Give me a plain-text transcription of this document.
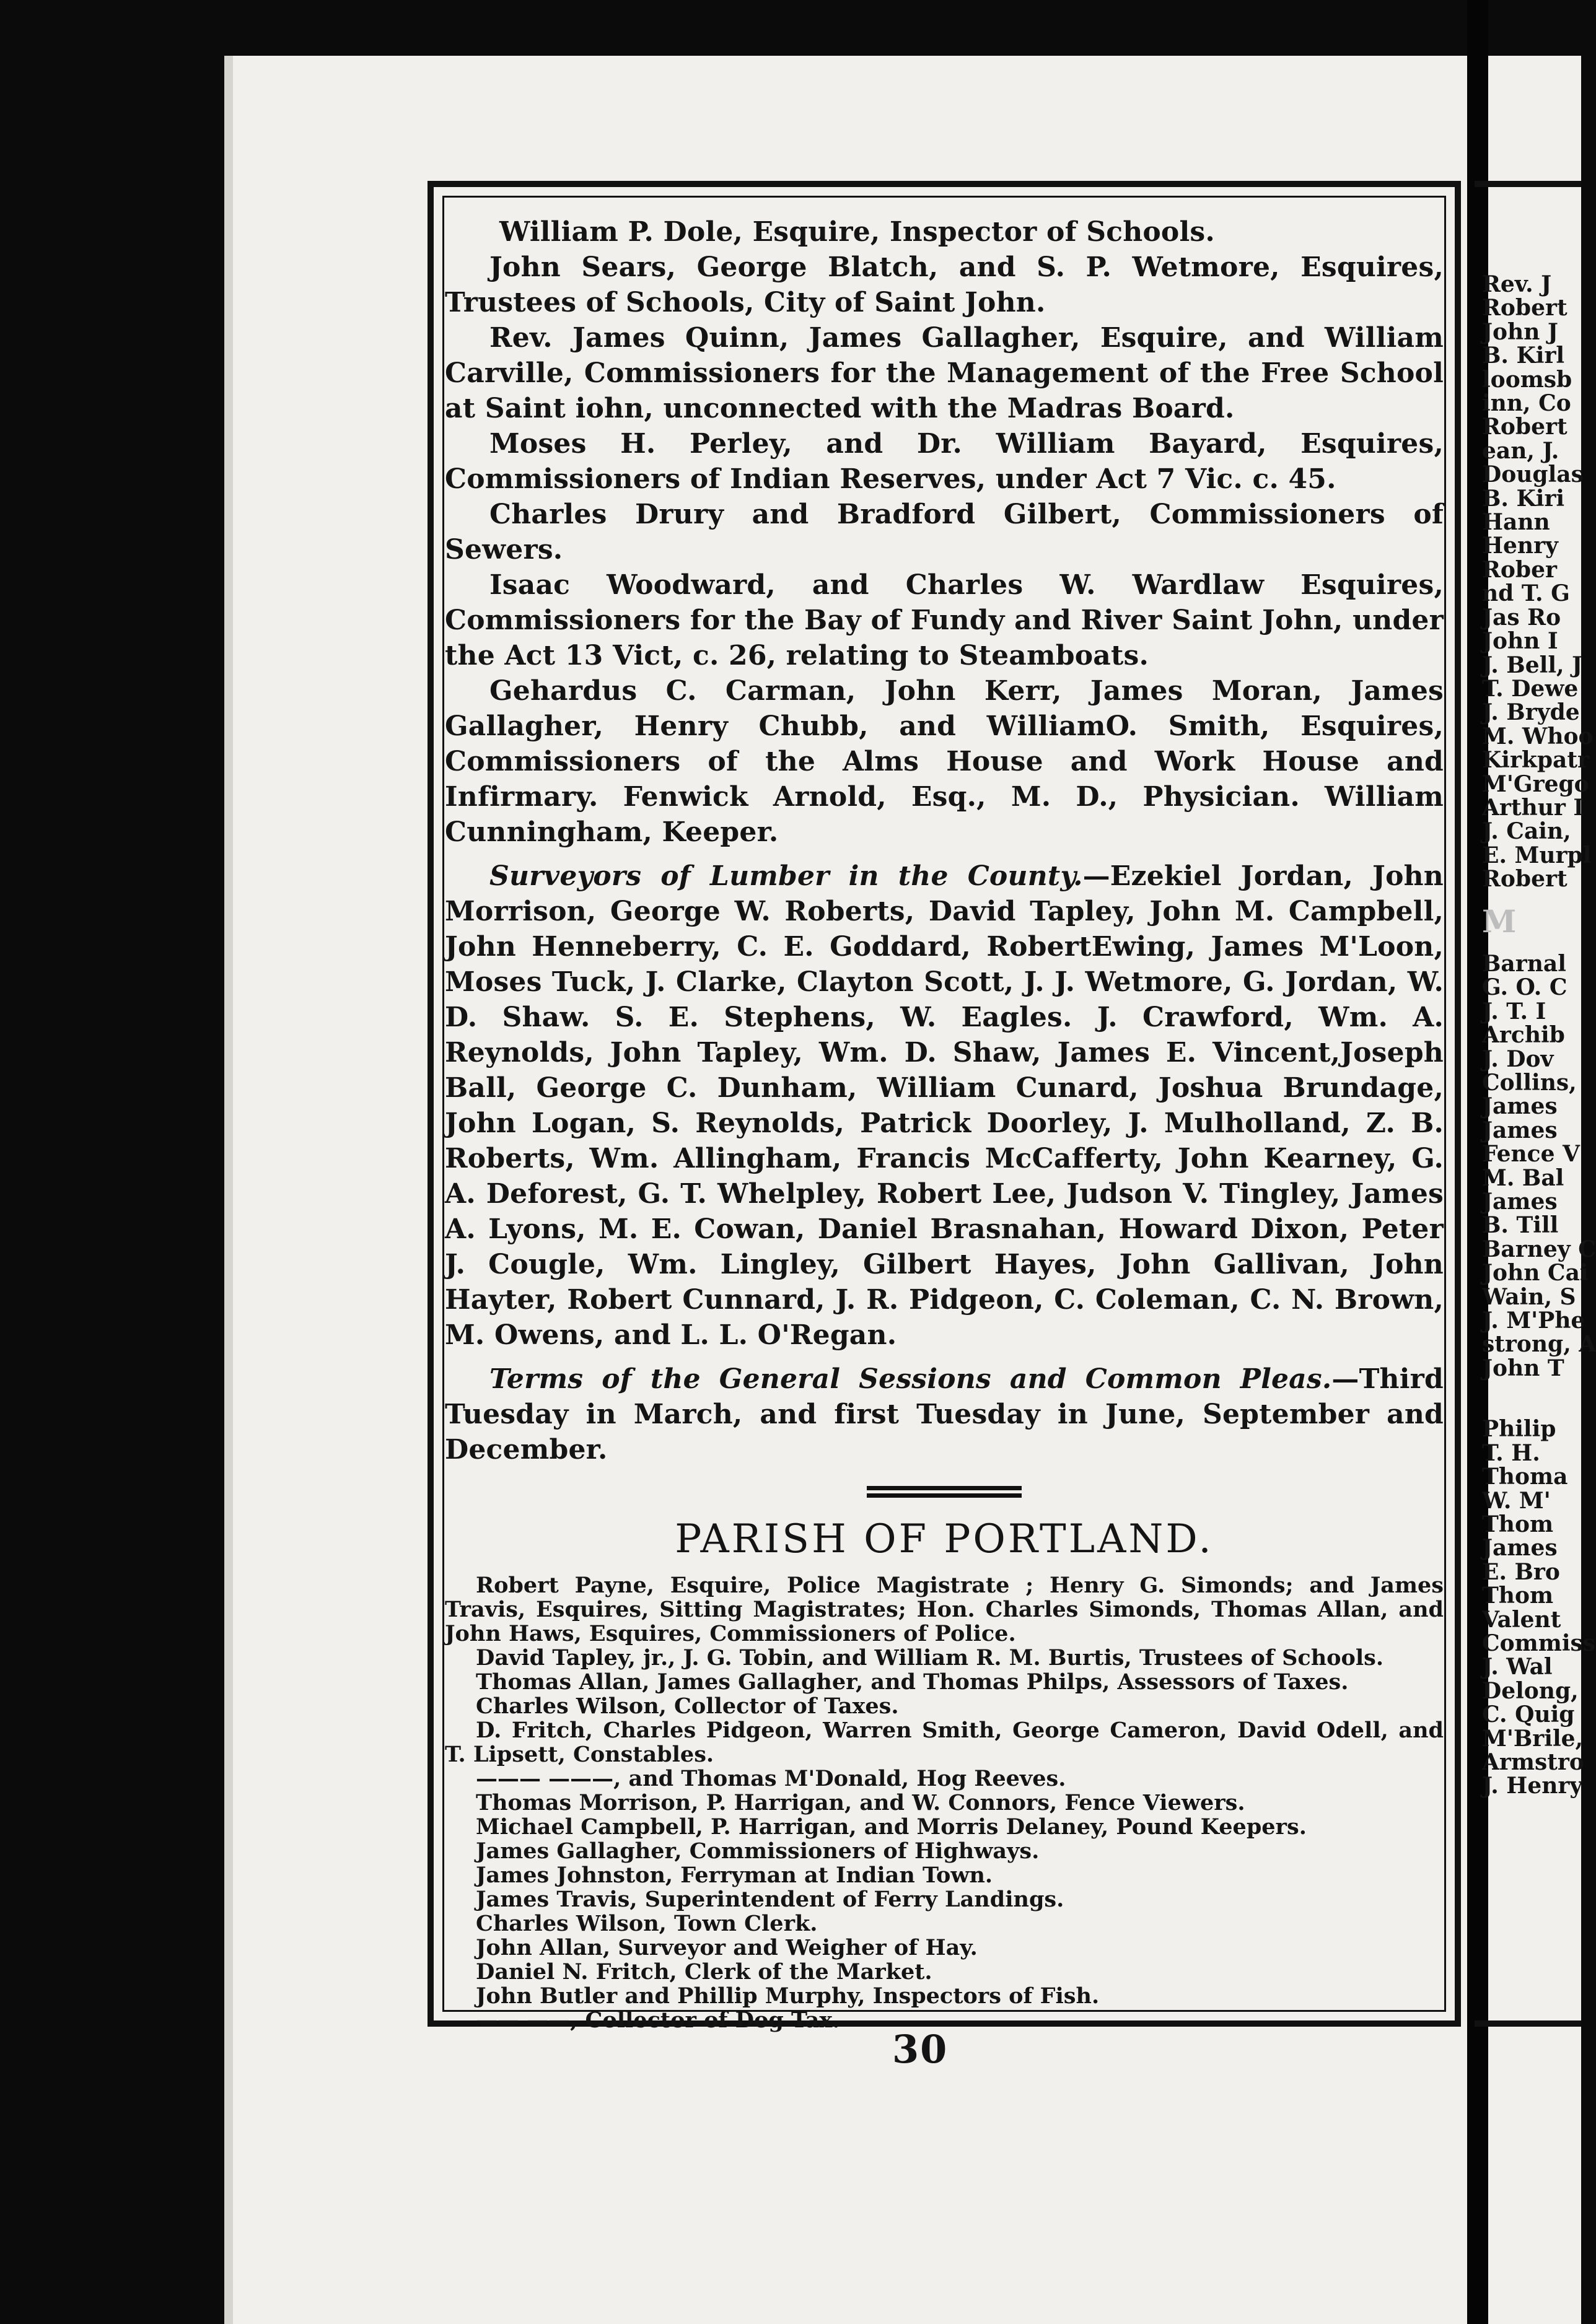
William P. Dole, Esquire, Inspector of Schools.

John Sears, George Blatch, and S. P. Wetmore, Esquires, Trustees of Schools, City of Saint John.

Rev. James Quinn, James Gallagher, Esquire, and William Carville, Commissioners for the Management of the Free School at Saint iohn, unconnected with the Madras Board.

Moses H. Perley, and Dr. William Bayard, Esquires, Commissioners of Indian Reserves, under Act 7 Vic. c. 45.

Charles Drury and Bradford Gilbert, Commissioners of Sewers.

Isaac Woodward, and Charles W. Wardlaw Esquires, Commissioners for the Bay of Fundy and River Saint John, under the Act 13 Vict, c. 26, relating to Steamboats.

Gehardus C. Carman, John Kerr, James Moran, James Gallagher, Henry Chubb, and WilliamO. Smith, Esquires, Commissioners of the Alms House and Work House and Infirmary. Fenwick Arnold, Esq., M. D., Physician. William Cunningham, Keeper.

Surveyors of Lumber in the County.—Ezekiel Jordan, John Morrison, George W. Roberts, David Tapley, John M. Campbell, John Henneberry, C. E. Goddard, RobertEwing, James M'Loon, Moses Tuck, J. Clarke, Clayton Scott, J. J. Wetmore, G. Jordan, W. D. Shaw. S. E. Stephens, W. Eagles. J. Crawford, Wm. A. Reynolds, John Tapley, Wm. D. Shaw, James E. Vincent,Joseph Ball, George C. Dunham, William Cunard, Joshua Brundage, John Logan, S. Reynolds, Patrick Doorley, J. Mulholland, Z. B. Roberts, Wm. Allingham, Francis McCafferty, John Kearney, G. A. Deforest, G. T. Whelpley, Robert Lee, Judson V. Tingley, James A. Lyons, M. E. Cowan, Daniel Brasnahan, Howard Dixon, Peter J. Cougle, Wm. Lingley, Gilbert Hayes, John Gallivan, John Hayter, Robert Cunnard, J. R. Pidgeon, C. Coleman, C. N. Brown, M. Owens, and L. L. O'Regan.

Terms of the General Sessions and Common Pleas.—Third Tuesday in March, and first Tuesday in June, September and December.

PARISH OF PORTLAND.

Robert Payne, Esquire, Police Magistrate ; Henry G. Simonds; and James Travis, Esquires, Sitting Magistrates; Hon. Charles Simonds, Thomas Allan, and John Haws, Esquires, Commissioners of Police.

David Tapley, jr., J. G. Tobin, and William R. M. Burtis, Trustees of Schools.

Thomas Allan, James Gallagher, and Thomas Philps, Assessors of Taxes.

Charles Wilson, Collector of Taxes.

D. Fritch, Charles Pidgeon, Warren Smith, George Cameron, David Odell, and T. Lipsett, Constables.

——— ———, and Thomas M'Donald, Hog Reeves.

Thomas Morrison, P. Harrigan, and W. Connors, Fence Viewers.

Michael Campbell, P. Harrigan, and Morris Delaney, Pound Keepers.

James Gallagher, Commissioners of Highways.

James Johnston, Ferryman at Indian Town.

James Travis, Superintendent of Ferry Landings.

Charles Wilson, Town Clerk.

John Allan, Surveyor and Weigher of Hay.

Daniel N. Fritch, Clerk of the Market.

John Butler and Phillip Murphy, Inspectors of Fish.

—— ——, Collector of Dog Tax.

30

Rev. J

Robert

John J

B. Kirl

loomsb

inn, Co

Robert

ean, J.

Douglas

B. Kiri

Hann

Henry

Rober

nd T. G

Jas Ro

John I

J. Bell, J

T. Dewe

J. Bryde

M. Whoo

Kirkpatr

M'Grego

Arthur I

J. Cain,

E. Murpl

Robert

M

Barnal

G. O. C

J. T. I

Archib

J. Dov

Collins,

James

James

Fence V

M. Bal

James

B. Till

Barney C

John Cai

Wain, S

J. M'Phe

strong, A

John T

Philip

T. H.

Thoma

W. M'

Thom

James

E. Bro

Thom

Valent

Commiss

J. Wal

Delong,

C. Quig

M'Brile,

Armstro

J. Henry
